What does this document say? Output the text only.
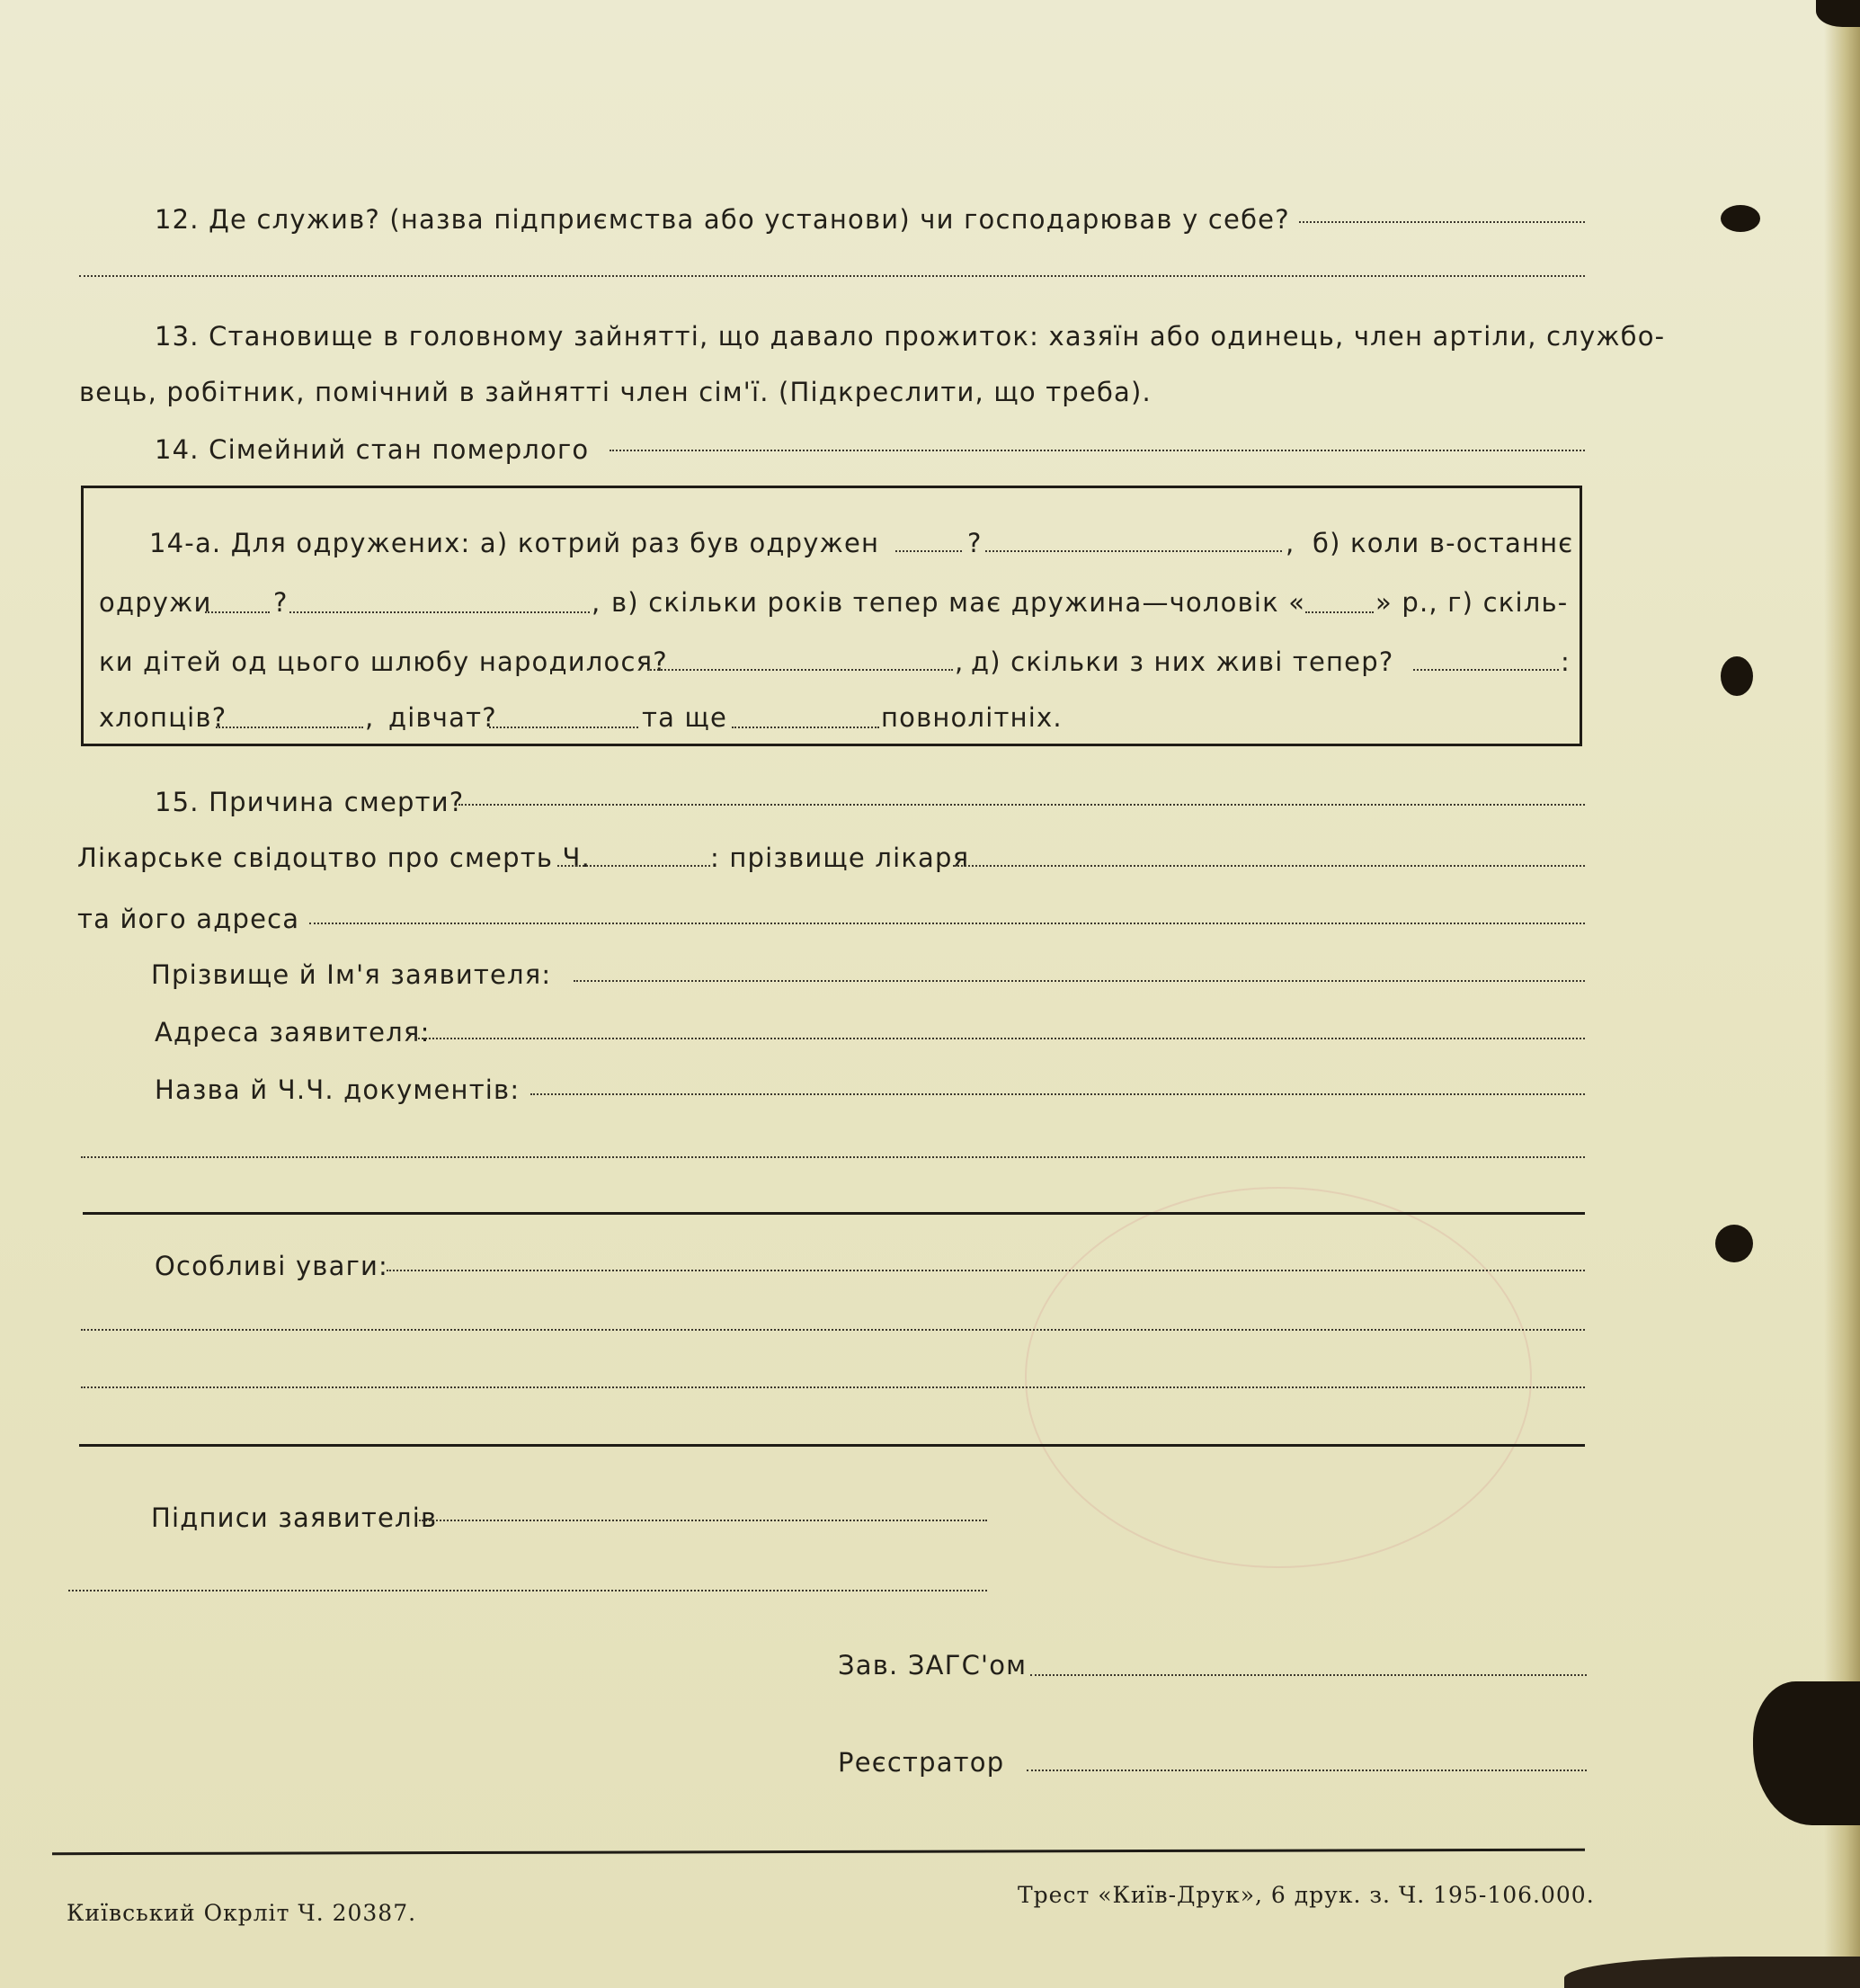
12. Де служив? (назва підприємства або установи) чи господарював у себе?
13. Становище в головному зайнятті, що давало прожиток: хазяїн або одинець, член артіли, службо-
вець, робітник, помічний в зайнятті член сім'ї. (Підкреслити, що треба).
14. Сімейний стан померлого
14-а. Для одружених: а) котрий раз був одружен	?	, б) коли в-останнє
одружи ?	, в) скільки років тепер має дружина—чоловік «	» р., г) скіль-
ки дітей од цього шлюбу народилося?	, д) скільки з них живі тепер?	:
хлопців?	, дівчат?	та ще	повнолітніх.
15. Причина смерти?
Лікарське свідоцтво про смерть Ч.	: прізвище лікаря
та його адреса
Прізвище й Ім'я заявителя:
Адреса заявителя:
Назва й Ч.Ч. документів:
Особливі уваги:
Підписи заявителів
Зав. ЗАГС'ом
Реєстратор
Київський Окрліт Ч. 20387.
Трест «Київ-Друк», 6 друк. з. Ч. 195-106.000.
